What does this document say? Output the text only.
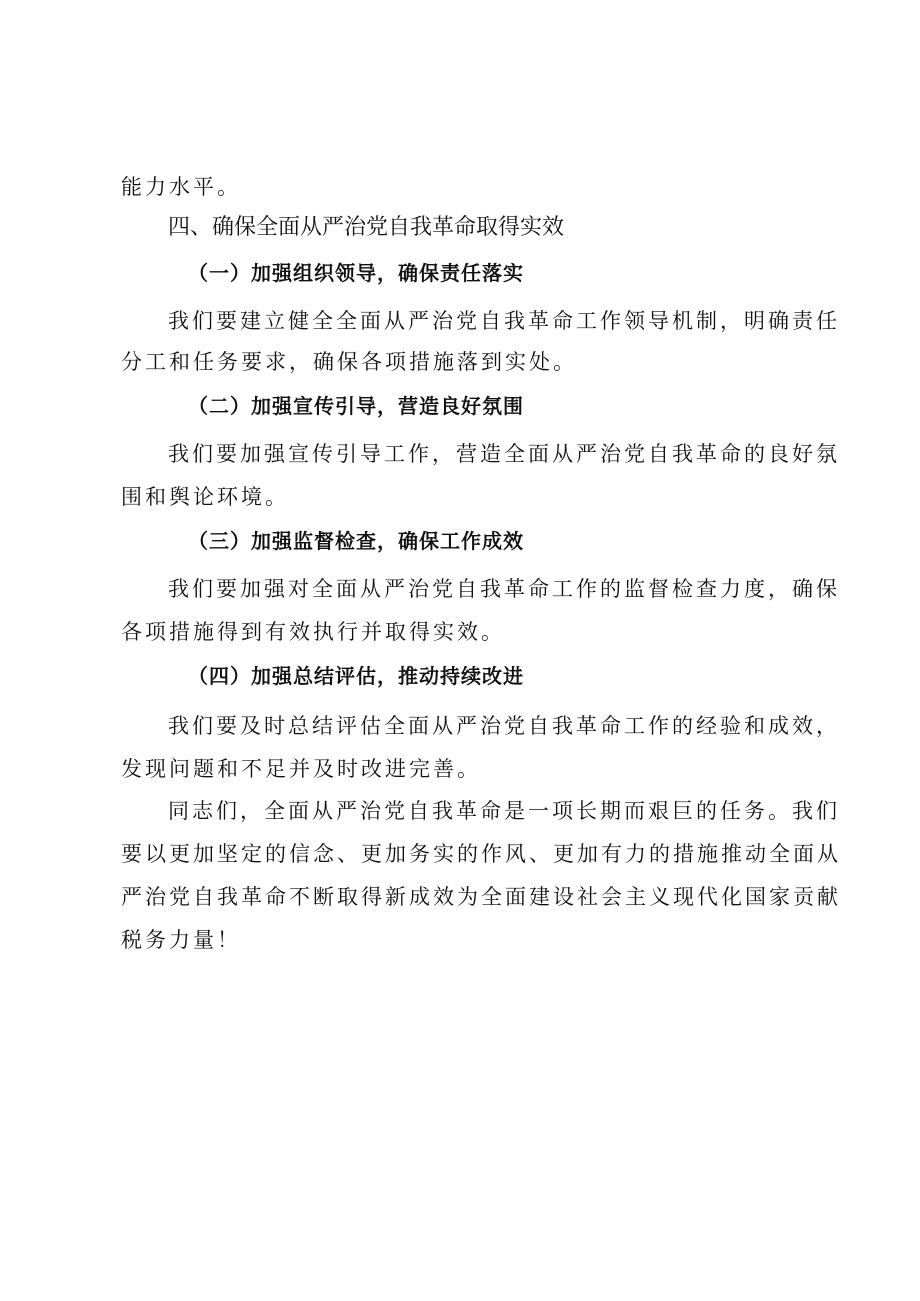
能力水平。
四、确保全面从严治党自我革命取得实效
（一）加强组织领导，确保责任落实
我们要建立健全全面从严治党自我革命工作领导机制，明确责任
分工和任务要求，确保各项措施落到实处。
（二）加强宣传引导，营造良好氛围
我们要加强宣传引导工作，营造全面从严治党自我革命的良好氛
围和舆论环境。
（三）加强监督检查，确保工作成效
我们要加强对全面从严治党自我革命工作的监督检查力度，确保
各项措施得到有效执行并取得实效。
（四）加强总结评估，推动持续改进
我们要及时总结评估全面从严治党自我革命工作的经验和成效，
发现问题和不足并及时改进完善。
同志们，全面从严治党自我革命是一项长期而艰巨的任务。我们
要以更加坚定的信念、更加务实的作风、更加有力的措施推动全面从
严治党自我革命不断取得新成效为全面建设社会主义现代化国家贡献
税务力量！
